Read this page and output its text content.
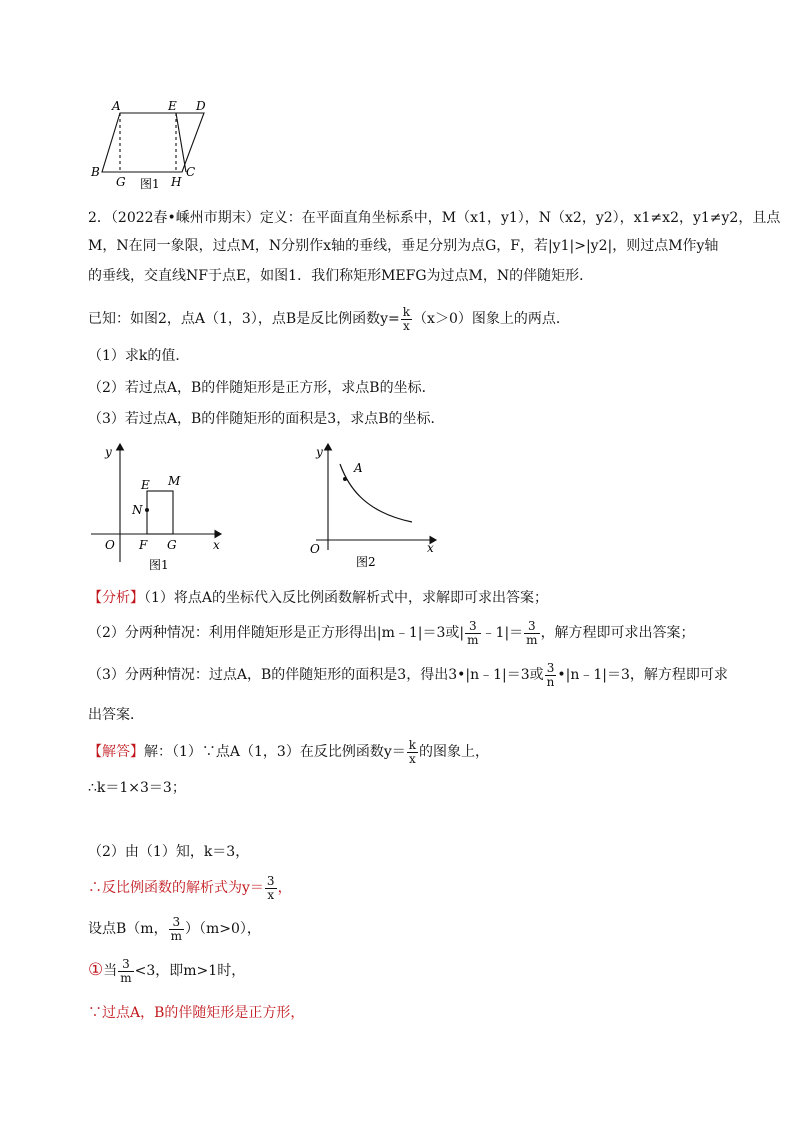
A	E D
B
G	H
C
图1
2．（2022春•嵊州市期末）定义：在平面直角坐标系中，M（x1，y1），N（x2，y2），x1≠x2，y1≠y2，且点
M，N在同一象限，过点M，N分别作x轴的垂线，垂足分别为点G，F，若|y1|>|y2|，则过点M作y轴
的垂线，交直线NF于点E，如图1．我们称矩形MEFG为过点M，N的伴随矩形．
已知：如图2，点A（1，3），点B是反比例函数$y= \frac{k}{x} (x>0)$图象上的两点．
（1）求k的值．
（2）若过点A，B的伴随矩形是正方形，求点B的坐标．
（3）若过点A，B的伴随矩形的面积是3，求点B的坐标．
y
x
O
E M
N
F G
图1
y
A
x
O
图2
【分析】（1）将点A的坐标代入反比例函数解析式中，求解即可求出答案；
（2）分两种情况：利用伴随矩形是正方形得出|m﹣1|＝3或| $\frac{3}{m}$ ﹣1|＝ $\frac{3}{m}$ ，解方程即可求出答案；
（3）分两种情况：过点A，B的伴随矩形的面积是3，得出3•|n﹣1|＝3或 $\frac{3}{n}$ •|n﹣1|＝3，解方程即可求
出答案．
【解答】解：（1）∵点A（1，3）在反比例函数$y= \frac{k}{x}$ 的图象上，
∴k＝1×3＝3；
（2）由（1）知，k＝3，
∴反比例函数的解析式为$y= \frac{3}{x}$ ，
设点B（m， $\frac{3}{m} )(m>0)$，
①当 $\frac{3}{m} <3$，即m>1时，
∵过点A，B的伴随矩形是正方形，
